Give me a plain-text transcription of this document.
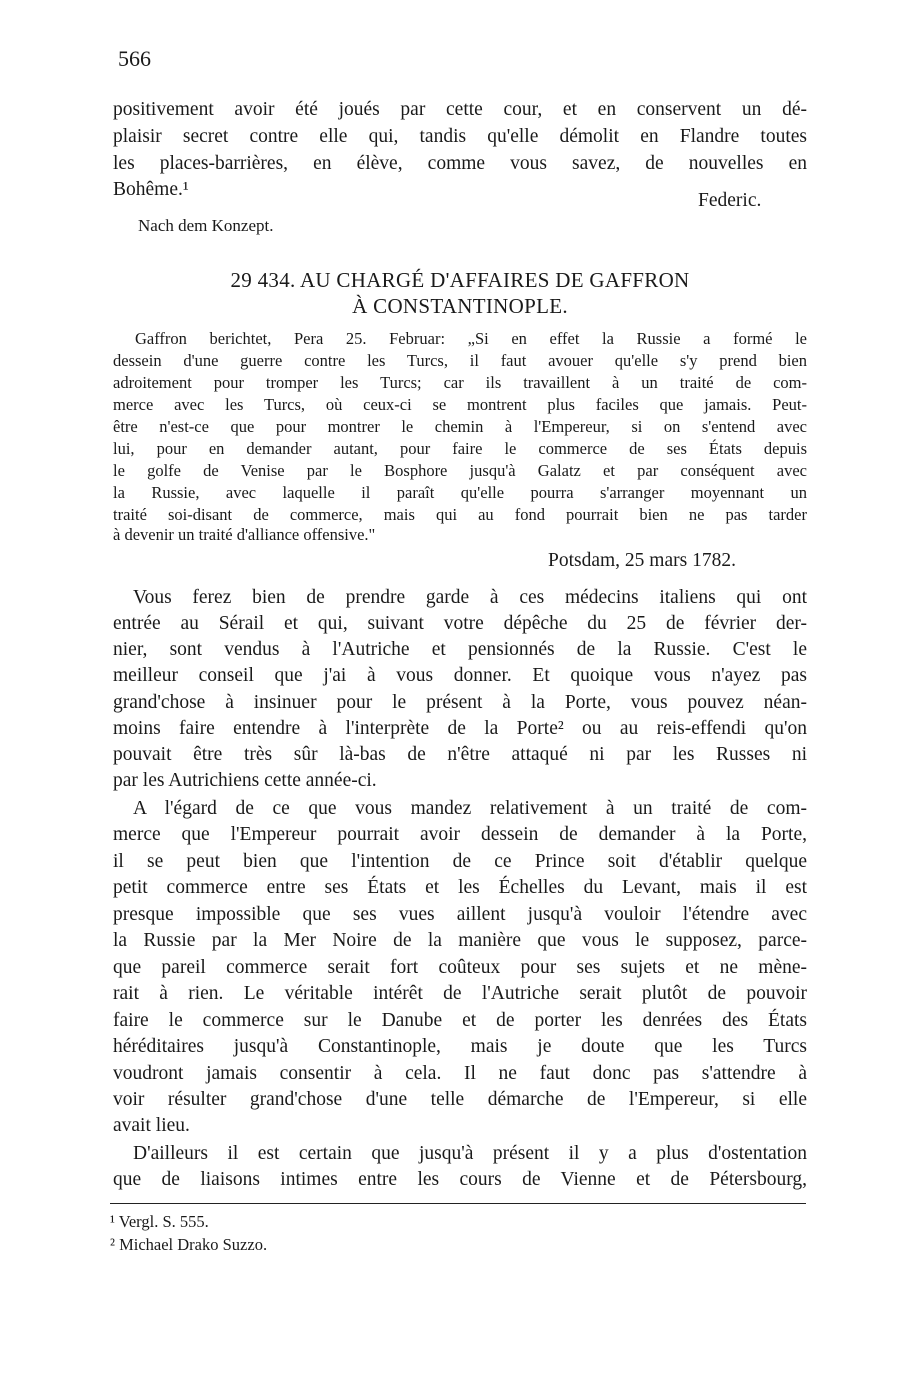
566
positivement avoir été joués par cette cour, et en conservent un dé-
plaisir secret contre elle qui, tandis qu'elle démolit en Flandre toutes
les places-barrières, en élève, comme vous savez, de nouvelles en
Bohême.¹
Federic.
Nach dem Konzept.
29 434. AU CHARGÉ D'AFFAIRES DE GAFFRON
À CONSTANTINOPLE.
Gaffron berichtet, Pera 25. Februar: „Si en effet la Russie a formé le
dessein d'une guerre contre les Turcs, il faut avouer qu'elle s'y prend bien
adroitement pour tromper les Turcs; car ils travaillent à un traité de com-
merce avec les Turcs, où ceux-ci se montrent plus faciles que jamais. Peut-
être n'est-ce que pour montrer le chemin à l'Empereur, si on s'entend avec
lui, pour en demander autant, pour faire le commerce de ses États depuis
le golfe de Venise par le Bosphore jusqu'à Galatz et par conséquent avec
la Russie, avec laquelle il paraît qu'elle pourra s'arranger moyennant un
traité soi-disant de commerce, mais qui au fond pourrait bien ne pas tarder
à devenir un traité d'alliance offensive."
Potsdam, 25 mars 1782.
Vous ferez bien de prendre garde à ces médecins italiens qui ont
entrée au Sérail et qui, suivant votre dépêche du 25 de février der-
nier, sont vendus à l'Autriche et pensionnés de la Russie. C'est le
meilleur conseil que j'ai à vous donner. Et quoique vous n'ayez pas
grand'chose à insinuer pour le présent à la Porte, vous pouvez néan-
moins faire entendre à l'interprète de la Porte² ou au reis-effendi qu'on
pouvait être très sûr là-bas de n'être attaqué ni par les Russes ni
par les Autrichiens cette année-ci.
A l'égard de ce que vous mandez relativement à un traité de com-
merce que l'Empereur pourrait avoir dessein de demander à la Porte,
il se peut bien que l'intention de ce Prince soit d'établir quelque
petit commerce entre ses États et les Échelles du Levant, mais il est
presque impossible que ses vues aillent jusqu'à vouloir l'étendre avec
la Russie par la Mer Noire de la manière que vous le supposez, parce-
que pareil commerce serait fort coûteux pour ses sujets et ne mène-
rait à rien. Le véritable intérêt de l'Autriche serait plutôt de pouvoir
faire le commerce sur le Danube et de porter les denrées des États
héréditaires jusqu'à Constantinople, mais je doute que les Turcs
voudront jamais consentir à cela. Il ne faut donc pas s'attendre à
voir résulter grand'chose d'une telle démarche de l'Empereur, si elle
avait lieu.
D'ailleurs il est certain que jusqu'à présent il y a plus d'ostentation
que de liaisons intimes entre les cours de Vienne et de Pétersbourg,
¹ Vergl. S. 555.
² Michael Drako Suzzo.
